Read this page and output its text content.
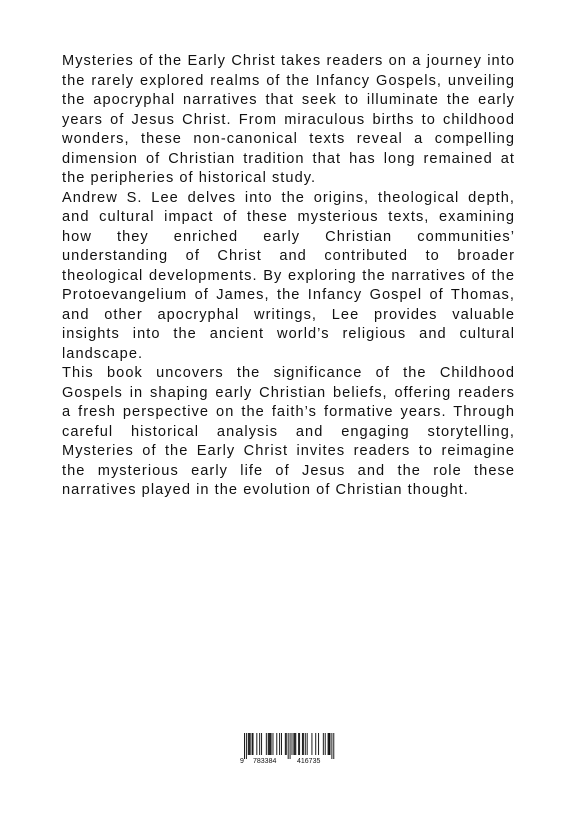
Mysteries of the Early Christ takes readers on a journey into the rarely explored realms of the Infancy Gospels, unveiling the apocryphal narratives that seek to illuminate the early years of Jesus Christ. From miraculous births to childhood wonders, these non-canonical texts reveal a compelling dimension of Christian tradition that has long remained at the peripheries of historical study.

Andrew S. Lee delves into the origins, theological depth, and cultural impact of these mysterious texts, examining how they enriched early Christian communities’ understanding of Christ and contributed to broader theological developments. By exploring the narratives of the Protoevangelium of James, the Infancy Gospel of Thomas, and other apocryphal writings, Lee provides valuable insights into the ancient world’s religious and cultural landscape.

This book uncovers the significance of the Childhood Gospels in shaping early Christian beliefs, offering readers a fresh perspective on the faith’s formative years. Through careful historical analysis and engaging storytelling, Mysteries of the Early Christ invites readers to reimagine the mysterious early life of Jesus and the role these narratives played in the evolution of Christian thought.

9 783384	416735
